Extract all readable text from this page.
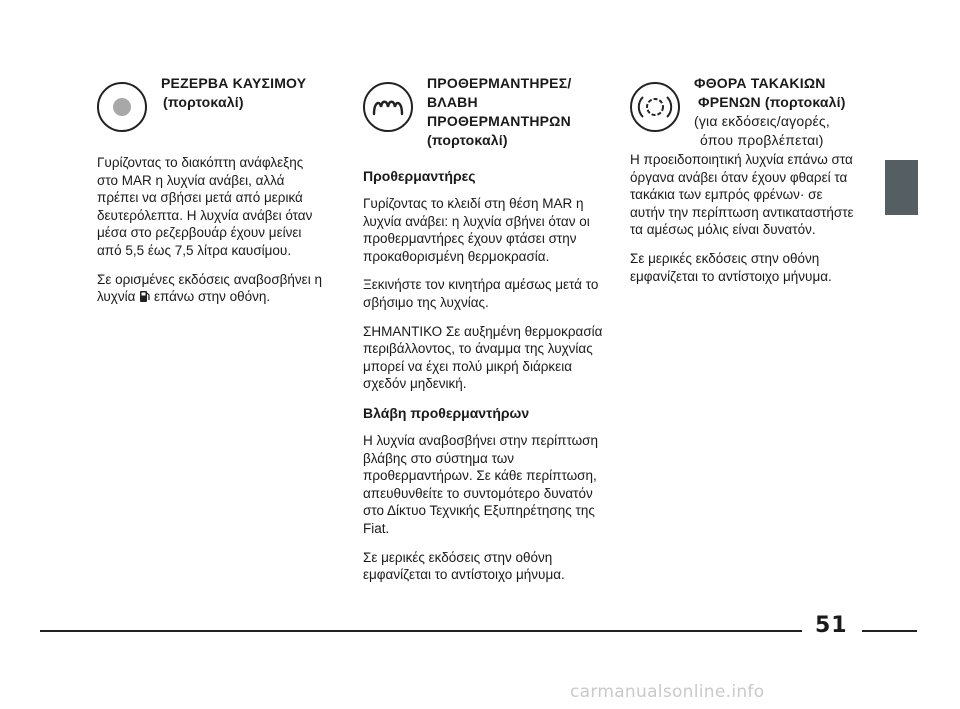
ΡΕΖΕΡΒΑ ΚΑΥΣΙΜΟΥ
(πορτοκαλί)

Γυρίζοντας το διακόπτη ανάφλεξης στο MAR η λυχνία ανάβει, αλλά πρέπει να σβήσει μετά από μερικά δευτερόλεπτα. Η λυχνία ανάβει όταν μέσα στο ρεζερβουάρ έχουν μείνει από 5,5 έως 7,5 λίτρα καυσίμου.

Σε ορισμένες εκδόσεις αναβοσβήνει η λυχνία επάνω στην οθόνη.

ΠΡΟΘΕΡΜΑΝΤΗΡΕΣ/
ΒΛΑΒΗ
ΠΡΟΘΕΡΜΑΝΤΗΡΩΝ
(πορτοκαλί)
Προθερμαντήρες

Γυρίζοντας το κλειδί στη θέση MAR η λυχνία ανάβει: η λυχνία σβήνει όταν οι προθερμαντήρες έχουν φτάσει στην προκαθορισμένη θερμοκρασία.

Ξεκινήστε τον κινητήρα αμέσως μετά το σβήσιμο της λυχνίας.

ΣΗΜΑΝΤΙΚΟ Σε αυξημένη θερμοκρασία περιβάλλοντος, το άναμμα της λυχνίας μπορεί να έχει πολύ μικρή διάρκεια σχεδόν μηδενική.

Βλάβη προθερμαντήρων

Η λυχνία αναβοσβήνει στην περίπτωση βλάβης στο σύστημα των προθερμαντήρων. Σε κάθε περίπτωση, απευθυνθείτε το συντομότερο δυνατόν στο Δίκτυο Τεχνικής Εξυπηρέτησης της Fiat.

Σε μερικές εκδόσεις στην οθόνη εμφανίζεται το αντίστοιχο μήνυμα.

ΦΘΟΡΑ ΤΑΚΑΚΙΩΝ
ΦΡΕΝΩΝ (πορτοκαλί)
(για εκδόσεις/αγορές,
όπου προβλέπεται)

Η προειδοποιητική λυχνία επάνω στα όργανα ανάβει όταν έχουν φθαρεί τα τακάκια των εμπρός φρένων· σε αυτήν την περίπτωση αντικαταστήστε τα αμέσως μόλις είναι δυνατόν.

Σε μερικές εκδόσεις στην οθόνη εμφανίζεται το αντίστοιχο μήνυμα.

51
carmanualsonline.info
